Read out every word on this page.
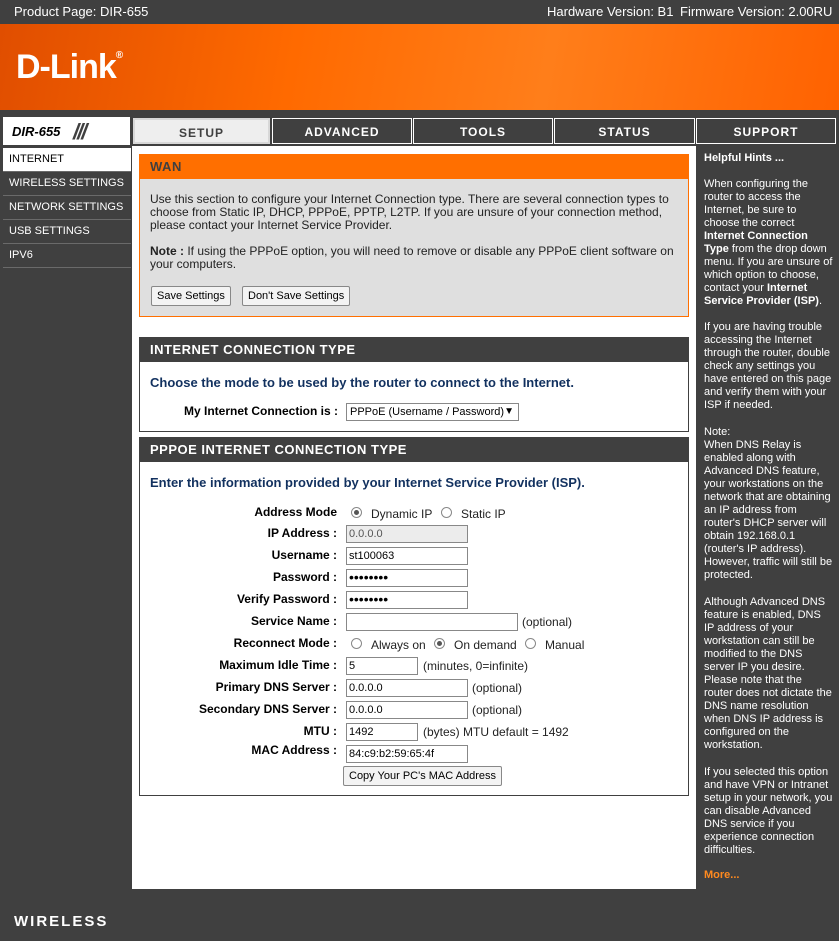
Product Page: DIR-655	Hardware Version: B1 Firmware Version: 2.00RU
D-Link®
DIR-655 ///	SETUP	ADVANCED	TOOLS	STATUS	SUPPORT
INTERNET
WIRELESS SETTINGS
NETWORK SETTINGS
USB SETTINGS
IPV6
WAN

Use this section to configure your Internet Connection type. There are several connection types to choose from Static IP, DHCP, PPPoE, PPTP, L2TP. If you are unsure of your connection method, please contact your Internet Service Provider.

Note : If using the PPPoE option, you will need to remove or disable any PPPoE client software on your computers.

Save Settings	Don't Save Settings
INTERNET CONNECTION TYPE
Choose the mode to be used by the router to connect to the Internet.
My Internet Connection is :	PPPoE (Username / Password) ▼
PPPOE INTERNET CONNECTION TYPE
Enter the information provided by your Internet Service Provider (ISP).
Address Mode	Dynamic IP Static IP
IP Address : 0.0.0.0
Username : st100063
Password : ••••••••
Verify Password : ••••••••
Service Name :	(optional)
Reconnect Mode :	Always on On demand Manual
Maximum Idle Time : 5	(minutes, 0=infinite)
Primary DNS Server : 0.0.0.0	(optional)
Secondary DNS Server : 0.0.0.0	(optional)
MTU : 1492	(bytes) MTU default = 1492
MAC Address : 84:c9:b2:59:65:4f
Copy Your PC's MAC Address
Helpful Hints ...

When configuring the router to access the Internet, be sure to choose the correct Internet Connection Type from the drop down menu. If you are unsure of which option to choose, contact your Internet Service Provider (ISP).

If you are having trouble accessing the Internet through the router, double check any settings you have entered on this page and verify them with your ISP if needed.

Note:
When DNS Relay is enabled along with Advanced DNS feature, your workstations on the network that are obtaining an IP address from router's DHCP server will obtain 192.168.0.1 (router's IP address). However, traffic will still be protected.

Although Advanced DNS feature is enabled, DNS IP address of your workstation can still be modified to the DNS server IP you desire. Please note that the router does not dictate the DNS name resolution when DNS IP address is configured on the workstation.

If you selected this option and have VPN or Intranet setup in your network, you can disable Advanced DNS service if you experience connection difficulties.

More...

WIRELESS
